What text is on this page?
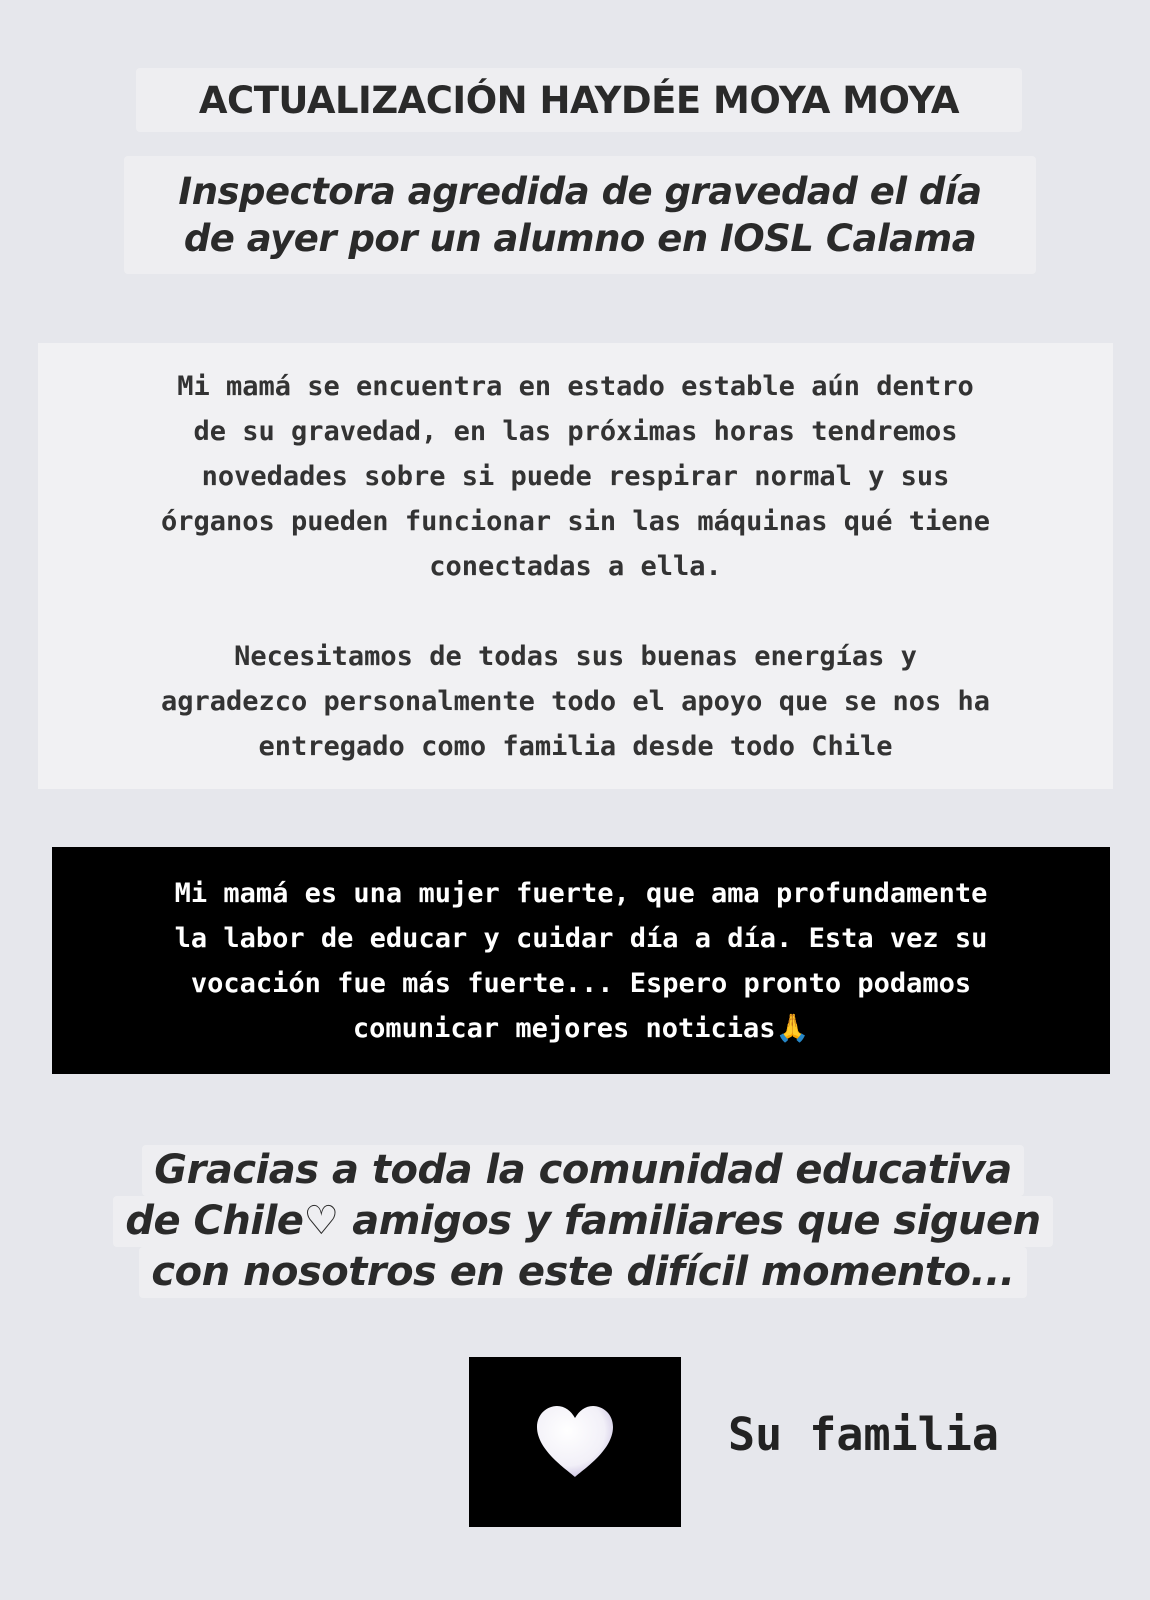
ACTUALIZACIÓN HAYDÉE MOYA MOYA
Inspectora agredida de gravedad el día
de ayer por un alumno en IOSL Calama
Mi mamá se encuentra en estado estable aún dentro
de su gravedad, en las próximas horas tendremos
novedades sobre si puede respirar normal y sus
órganos pueden funcionar sin las máquinas qué tiene
conectadas a ella.
Necesitamos de todas sus buenas energías y
agradezco personalmente todo el apoyo que se nos ha
entregado como familia desde todo Chile
Mi mamá es una mujer fuerte, que ama profundamente
la labor de educar y cuidar día a día. Esta vez su
vocación fue más fuerte... Espero pronto podamos
comunicar mejores noticias🙏
Gracias a toda la comunidad educativa
de Chile♡ amigos y familiares que siguen
con nosotros en este difícil momento...
Su familia
